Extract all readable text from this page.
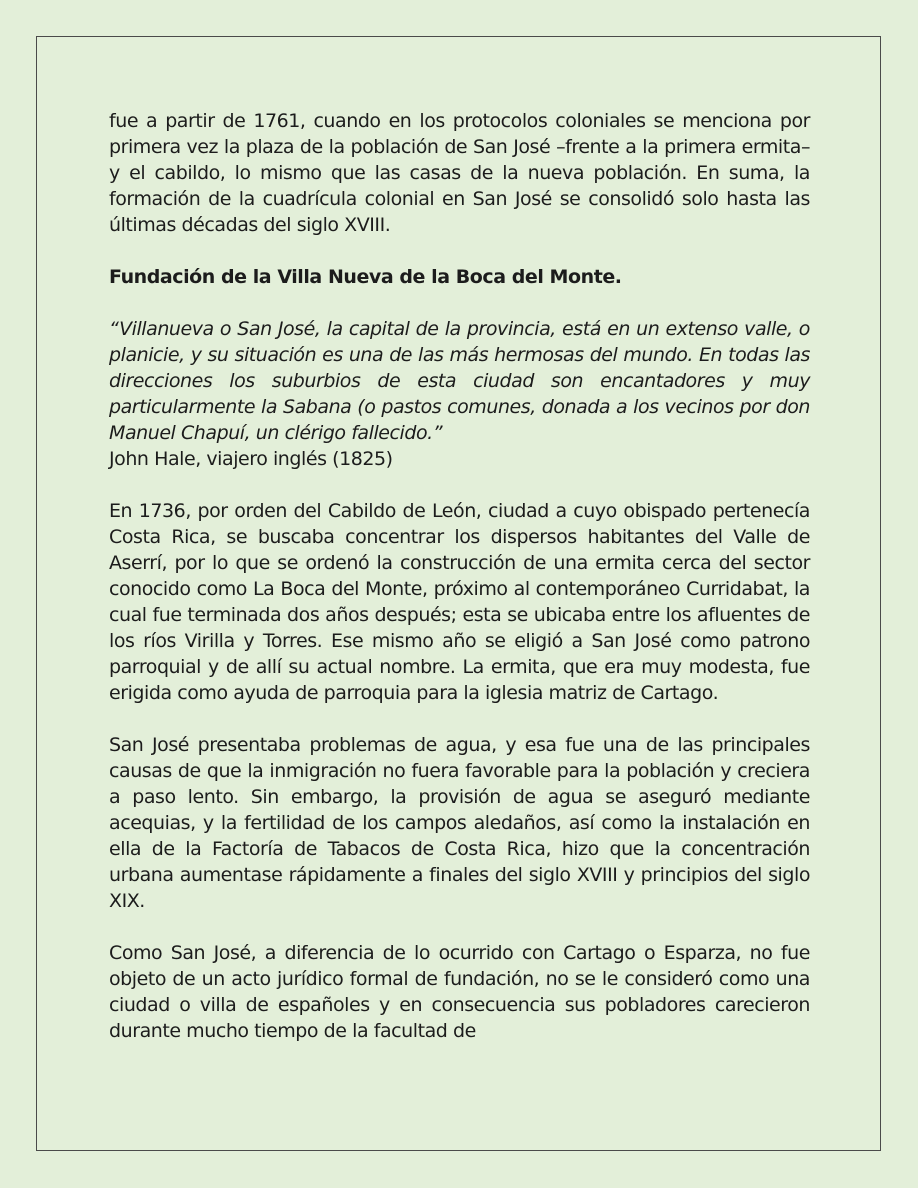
fue a partir de 1761, cuando en los protocolos coloniales se menciona por primera vez la plaza de la población de San José –frente a la primera ermita– y el cabildo, lo mismo que las casas de la nueva población. En suma, la formación de la cuadrícula colonial en San José se consolidó solo hasta las últimas décadas del siglo XVIII.

Fundación de la Villa Nueva de la Boca del Monte.

“Villanueva o San José, la capital de la provincia, está en un extenso valle, o planicie, y su situación es una de las más hermosas del mundo. En todas las direcciones los suburbios de esta ciudad son encantadores y muy particularmente la Sabana (o pastos comunes, donada a los vecinos por don Manuel Chapuí, un clérigo fallecido.”

John Hale, viajero inglés (1825)

En 1736, por orden del Cabildo de León, ciudad a cuyo obispado pertenecía Costa Rica, se buscaba concentrar los dispersos habitantes del Valle de Aserrí, por lo que se ordenó la construcción de una ermita cerca del sector conocido como La Boca del Monte, próximo al contemporáneo Curridabat, la cual fue terminada dos años después; esta se ubicaba entre los afluentes de los ríos Virilla y Torres. Ese mismo año se eligió a San José como patrono parroquial y de allí su actual nombre. La ermita, que era muy modesta, fue erigida como ayuda de parroquia para la iglesia matriz de Cartago.

San José presentaba problemas de agua, y esa fue una de las principales causas de que la inmigración no fuera favorable para la población y creciera a paso lento. Sin embargo, la provisión de agua se aseguró mediante acequias, y la fertilidad de los campos aledaños, así como la instalación en ella de la Factoría de Tabacos de Costa Rica, hizo que la concentración urbana aumentase rápidamente a finales del siglo XVIII y principios del siglo XIX.

Como San José, a diferencia de lo ocurrido con Cartago o Esparza, no fue objeto de un acto jurídico formal de fundación, no se le consideró como una ciudad o villa de españoles y en consecuencia sus pobladores carecieron durante mucho tiempo de la facultad de
